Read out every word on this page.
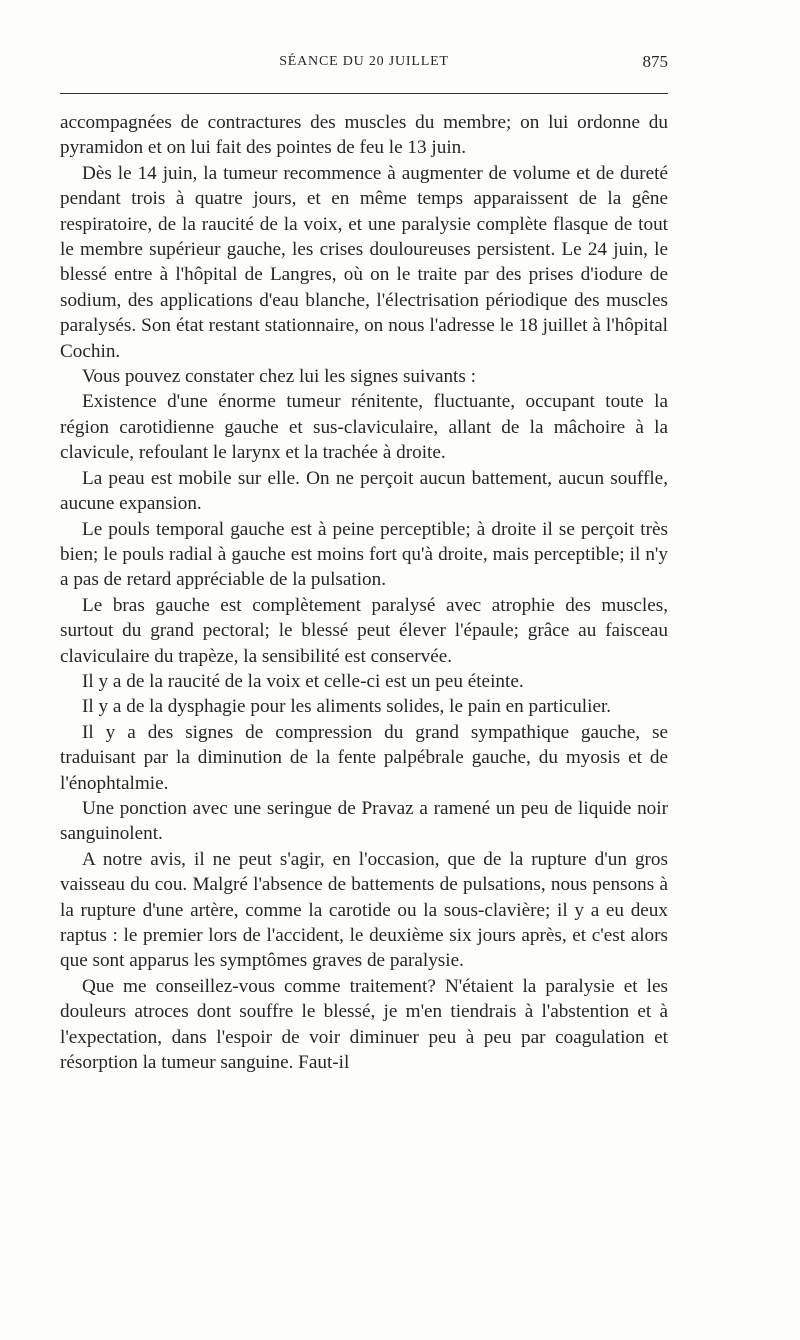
SÉANCE DU 20 JUILLET	875

accompagnées de contractures des muscles du membre; on lui ordonne du pyramidon et on lui fait des pointes de feu le 13 juin.

Dès le 14 juin, la tumeur recommence à augmenter de volume et de dureté pendant trois à quatre jours, et en même temps apparaissent de la gêne respiratoire, de la raucité de la voix, et une paralysie complète flasque de tout le membre supérieur gauche, les crises douloureuses persistent. Le 24 juin, le blessé entre à l'hôpital de Langres, où on le traite par des prises d'iodure de sodium, des applications d'eau blanche, l'électrisation périodique des muscles paralysés. Son état restant stationnaire, on nous l'adresse le 18 juillet à l'hôpital Cochin.

Vous pouvez constater chez lui les signes suivants :

Existence d'une énorme tumeur rénitente, fluctuante, occupant toute la région carotidienne gauche et sus-claviculaire, allant de la mâchoire à la clavicule, refoulant le larynx et la trachée à droite.

La peau est mobile sur elle. On ne perçoit aucun battement, aucun souffle, aucune expansion.

Le pouls temporal gauche est à peine perceptible; à droite il se perçoit très bien; le pouls radial à gauche est moins fort qu'à droite, mais perceptible; il n'y a pas de retard appréciable de la pulsation.

Le bras gauche est complètement paralysé avec atrophie des muscles, surtout du grand pectoral; le blessé peut élever l'épaule; grâce au faisceau claviculaire du trapèze, la sensibilité est conservée.

Il y a de la raucité de la voix et celle-ci est un peu éteinte.

Il y a de la dysphagie pour les aliments solides, le pain en particulier.

Il y a des signes de compression du grand sympathique gauche, se traduisant par la diminution de la fente palpébrale gauche, du myosis et de l'énophtalmie.

Une ponction avec une seringue de Pravaz a ramené un peu de liquide noir sanguinolent.

A notre avis, il ne peut s'agir, en l'occasion, que de la rupture d'un gros vaisseau du cou. Malgré l'absence de battements de pulsations, nous pensons à la rupture d'une artère, comme la carotide ou la sous-clavière; il y a eu deux raptus : le premier lors de l'accident, le deuxième six jours après, et c'est alors que sont apparus les symptômes graves de paralysie.

Que me conseillez-vous comme traitement? N'étaient la paralysie et les douleurs atroces dont souffre le blessé, je m'en tiendrais à l'abstention et à l'expectation, dans l'espoir de voir diminuer peu à peu par coagulation et résorption la tumeur sanguine. Faut-il
